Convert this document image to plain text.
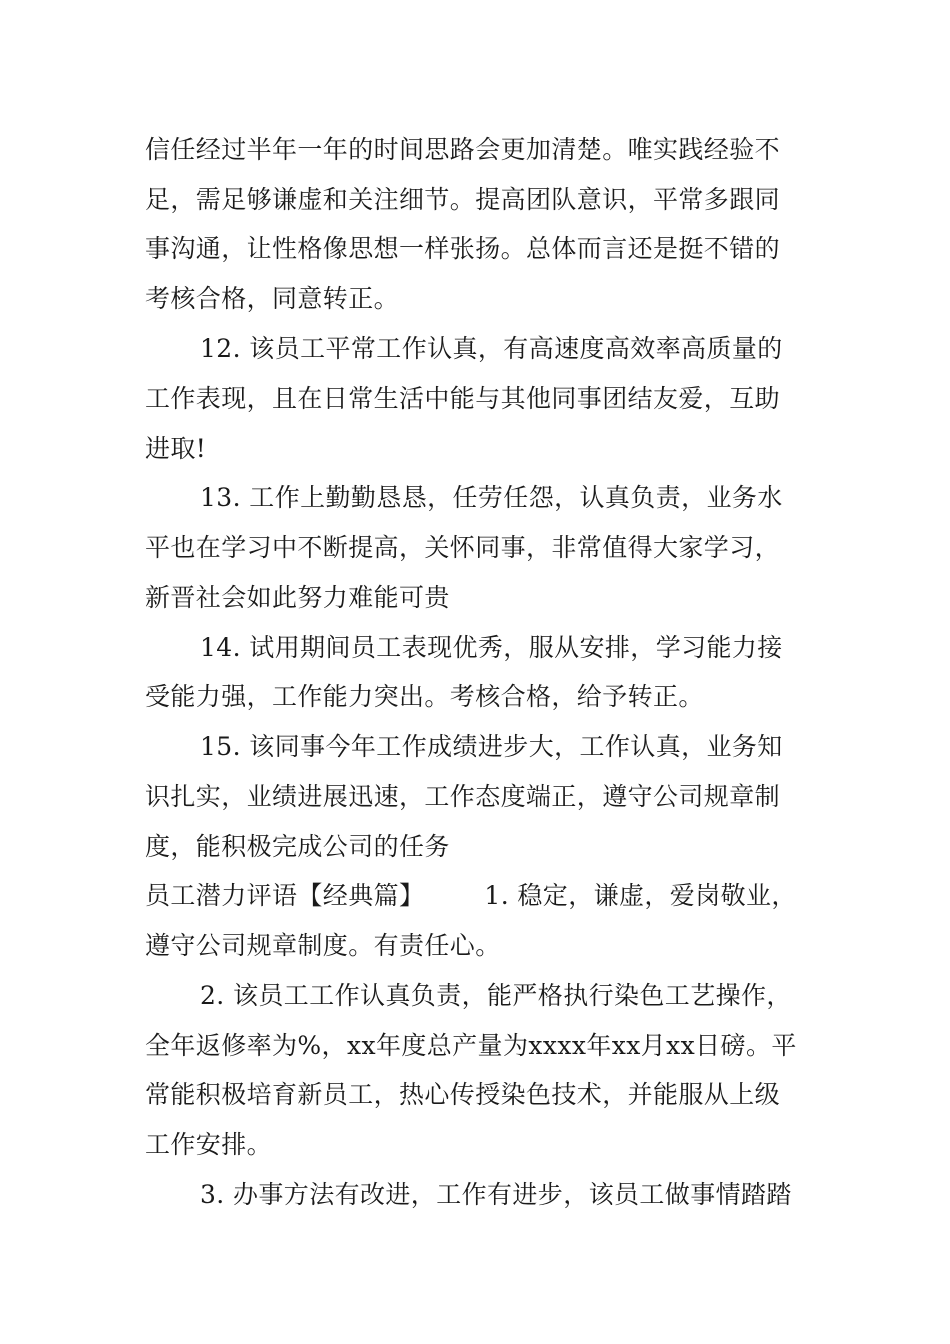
信任经过半年一年的时间思路会更加清楚。唯实践经验不
足，需足够谦虚和关注细节。提高团队意识，平常多跟同
事沟通，让性格像思想一样张扬。总体而言还是挺不错的
考核合格，同意转正。
12. 该员工平常工作认真，有高速度高效率高质量的
工作表现，且在日常生活中能与其他同事团结友爱，互助
进取!
13. 工作上勤勤恳恳，任劳任怨，认真负责，业务水
平也在学习中不断提高，关怀同事，非常值得大家学习，
新晋社会如此努力难能可贵
14. 试用期间员工表现优秀，服从安排，学习能力接
受能力强，工作能力突出。考核合格，给予转正。
15. 该同事今年工作成绩进步大，工作认真，业务知
识扎实，业绩进展迅速，工作态度端正，遵守公司规章制
度，能积极完成公司的任务
员工潜力评语【经典篇】 1. 稳定，谦虚，爱岗敬业，
遵守公司规章制度。有责任心。
2. 该员工工作认真负责，能严格执行染色工艺操作，
全年返修率为%，xx年度总产量为xxxx年xx月xx日磅。平
常能积极培育新员工，热心传授染色技术，并能服从上级
工作安排。
3. 办事方法有改进，工作有进步，该员工做事情踏踏
